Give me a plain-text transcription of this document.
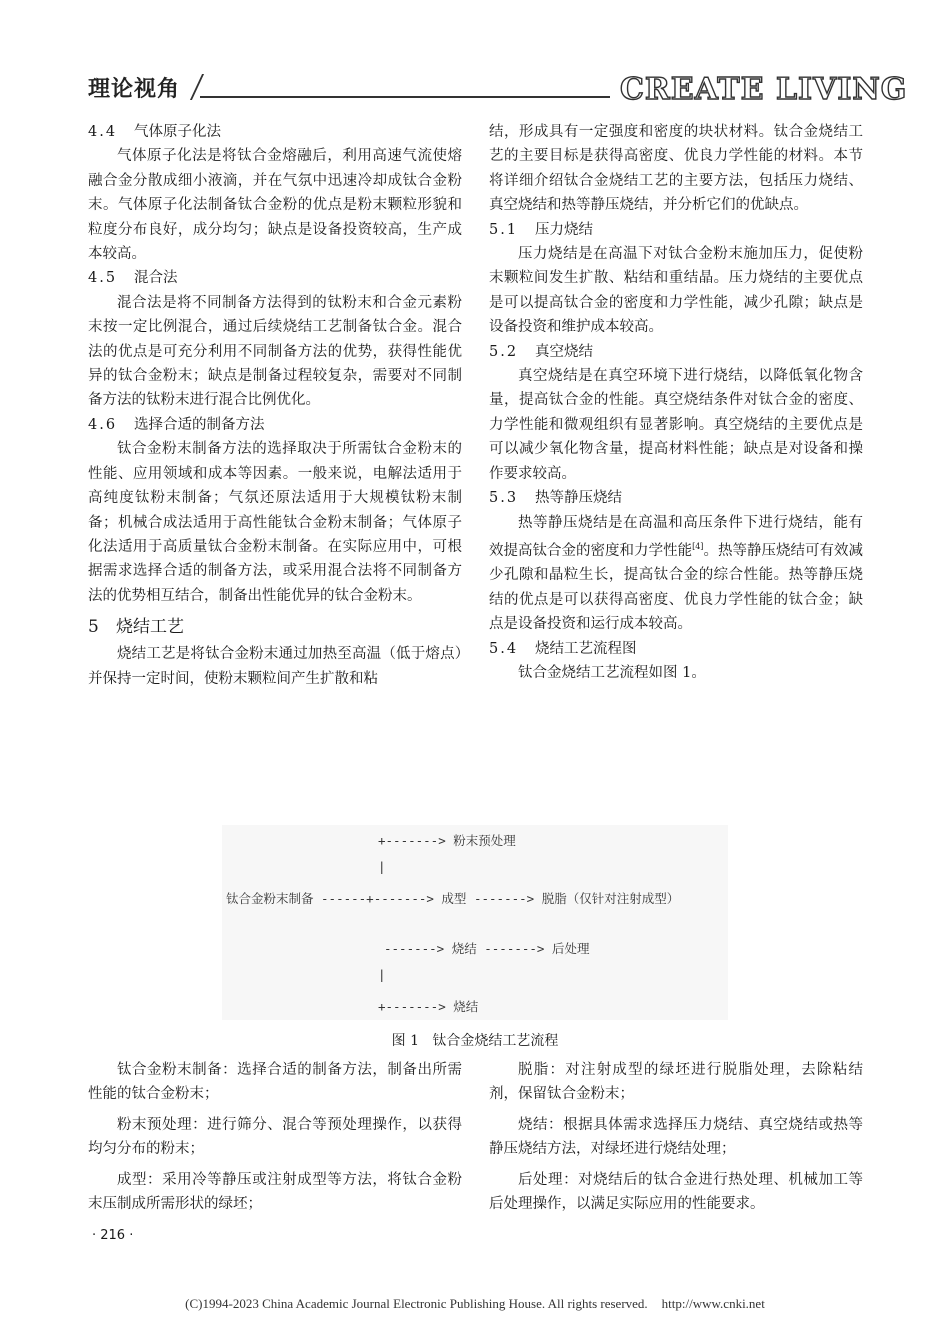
理论视角	CREATE LIVING

4.4 气体原子化法

气体原子化法是将钛合金熔融后，利用高速气流使熔融合金分散成细小液滴，并在气氛中迅速冷却成钛合金粉末。气体原子化法制备钛合金粉的优点是粉末颗粒形貌和粒度分布良好，成分均匀；缺点是设备投资较高，生产成本较高。

4.5 混合法

混合法是将不同制备方法得到的钛粉末和合金元素粉末按一定比例混合，通过后续烧结工艺制备钛合金。混合法的优点是可充分利用不同制备方法的优势，获得性能优异的钛合金粉末；缺点是制备过程较复杂，需要对不同制备方法的钛粉末进行混合比例优化。

4.6 选择合适的制备方法

钛合金粉末制备方法的选择取决于所需钛合金粉末的性能、应用领域和成本等因素。一般来说，电解法适用于高纯度钛粉末制备；气氛还原法适用于大规模钛粉末制备；机械合成法适用于高性能钛合金粉末制备；气体原子化法适用于高质量钛合金粉末制备。在实际应用中，可根据需求选择合适的制备方法，或采用混合法将不同制备方法的优势相互结合，制备出性能优异的钛合金粉末。

5 烧结工艺

烧结工艺是将钛合金粉末通过加热至高温（低于熔点）并保持一定时间，使粉末颗粒间产生扩散和粘

结，形成具有一定强度和密度的块状材料。钛合金烧结工艺的主要目标是获得高密度、优良力学性能的材料。本节将详细介绍钛合金烧结工艺的主要方法，包括压力烧结、真空烧结和热等静压烧结，并分析它们的优缺点。

5.1 压力烧结

压力烧结是在高温下对钛合金粉末施加压力，促使粉末颗粒间发生扩散、粘结和重结晶。压力烧结的主要优点是可以提高钛合金的密度和力学性能，减少孔隙；缺点是设备投资和维护成本较高。

5.2 真空烧结

真空烧结是在真空环境下进行烧结，以降低氧化物含量，提高钛合金的性能。真空烧结条件对钛合金的密度、力学性能和微观组织有显著影响。真空烧结的主要优点是可以减少氧化物含量，提高材料性能；缺点是对设备和操作要求较高。

5.3 热等静压烧结

热等静压烧结是在高温和高压条件下进行烧结，能有效提高钛合金的密度和力学性能[4]。热等静压烧结可有效减少孔隙和晶粒生长，提高钛合金的综合性能。热等静压烧结的优点是可以获得高密度、优良力学性能的钛合金；缺点是设备投资和运行成本较高。

5.4 烧结工艺流程图

钛合金烧结工艺流程如图 1。

+-------> 粉末预处理
|
钛合金粉末制备 ------+-------> 成型 -------> 脱脂（仅针对注射成型）
-------> 烧结 -------> 后处理
|
+-------> 烧结
图 1 钛合金烧结工艺流程

钛合金粉末制备：选择合适的制备方法，制备出所需性能的钛合金粉末；

粉末预处理：进行筛分、混合等预处理操作，以获得均匀分布的粉末；

成型：采用冷等静压或注射成型等方法，将钛合金粉末压制成所需形状的绿坯；

脱脂：对注射成型的绿坯进行脱脂处理，去除粘结剂，保留钛合金粉末；

烧结：根据具体需求选择压力烧结、真空烧结或热等静压烧结方法，对绿坯进行烧结处理；

后处理：对烧结后的钛合金进行热处理、机械加工等后处理操作，以满足实际应用的性能要求。

· 216 ·
(C)1994-2023 China Academic Journal Electronic Publishing House. All rights reserved. http://www.cnki.net
